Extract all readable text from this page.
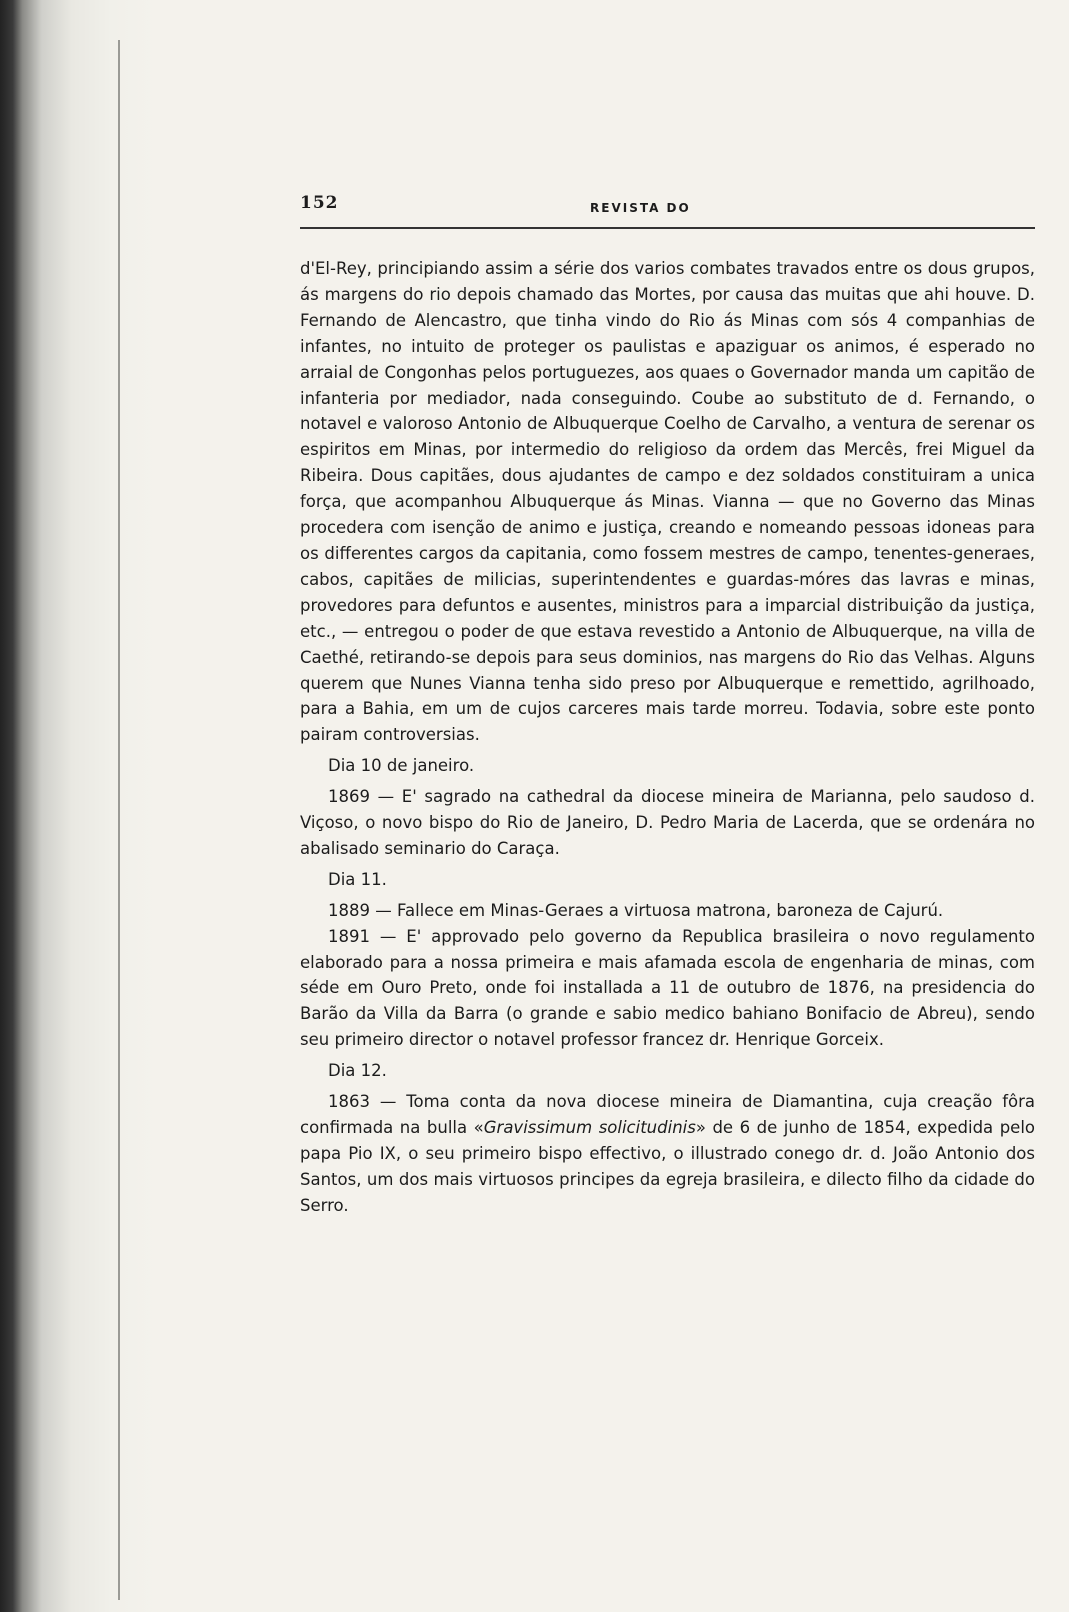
152	REVISTA DO

d'El-Rey, principiando assim a série dos varios combates travados entre os dous grupos, ás margens do rio depois chamado das Mortes, por causa das muitas que ahi houve. D. Fernando de Alencastro, que tinha vindo do Rio ás Minas com sós 4 companhias de infantes, no intuito de proteger os paulistas e apaziguar os animos, é esperado no arraial de Congonhas pelos portuguezes, aos quaes o Governador manda um capitão de infanteria por mediador, nada conseguindo. Coube ao substituto de d. Fernando, o notavel e valoroso Antonio de Albuquerque Coelho de Carvalho, a ventura de serenar os espiritos em Minas, por intermedio do religioso da ordem das Mercês, frei Miguel da Ribeira. Dous capitães, dous ajudantes de campo e dez soldados constituiram a unica força, que acompanhou Albuquerque ás Minas. Vianna — que no Governo das Minas procedera com isenção de animo e justiça, creando e nomeando pessoas idoneas para os differentes cargos da capitania, como fossem mestres de campo, tenentes-generaes, cabos, capitães de milicias, superintendentes e guardas-móres das lavras e minas, provedores para defuntos e ausentes, ministros para a imparcial distribuição da justiça, etc., — entregou o poder de que estava revestido a Antonio de Albuquerque, na villa de Caethé, retirando-se depois para seus dominios, nas margens do Rio das Velhas. Alguns querem que Nunes Vianna tenha sido preso por Albuquerque e remettido, agrilhoado, para a Bahia, em um de cujos carceres mais tarde morreu. Todavia, sobre este ponto pairam controversias.

Dia 10 de janeiro.

1869 — E' sagrado na cathedral da diocese mineira de Marianna, pelo saudoso d. Viçoso, o novo bispo do Rio de Janeiro, D. Pedro Maria de Lacerda, que se ordenára no abalisado seminario do Caraça.

Dia 11.

1889 — Fallece em Minas-Geraes a virtuosa matrona, baroneza de Cajurú.

1891 — E' approvado pelo governo da Republica brasileira o novo regulamento elaborado para a nossa primeira e mais afamada escola de engenharia de minas, com séde em Ouro Preto, onde foi installada a 11 de outubro de 1876, na presidencia do Barão da Villa da Barra (o grande e sabio medico bahiano Bonifacio de Abreu), sendo seu primeiro director o notavel professor francez dr. Henrique Gorceix.

Dia 12.

1863 — Toma conta da nova diocese mineira de Diamantina, cuja creação fôra confirmada na bulla «Gravissimum solicitudinis» de 6 de junho de 1854, expedida pelo papa Pio IX, o seu primeiro bispo effectivo, o illustrado conego dr. d. João Antonio dos Santos, um dos mais virtuosos principes da egreja brasileira, e dilecto filho da cidade do Serro.
